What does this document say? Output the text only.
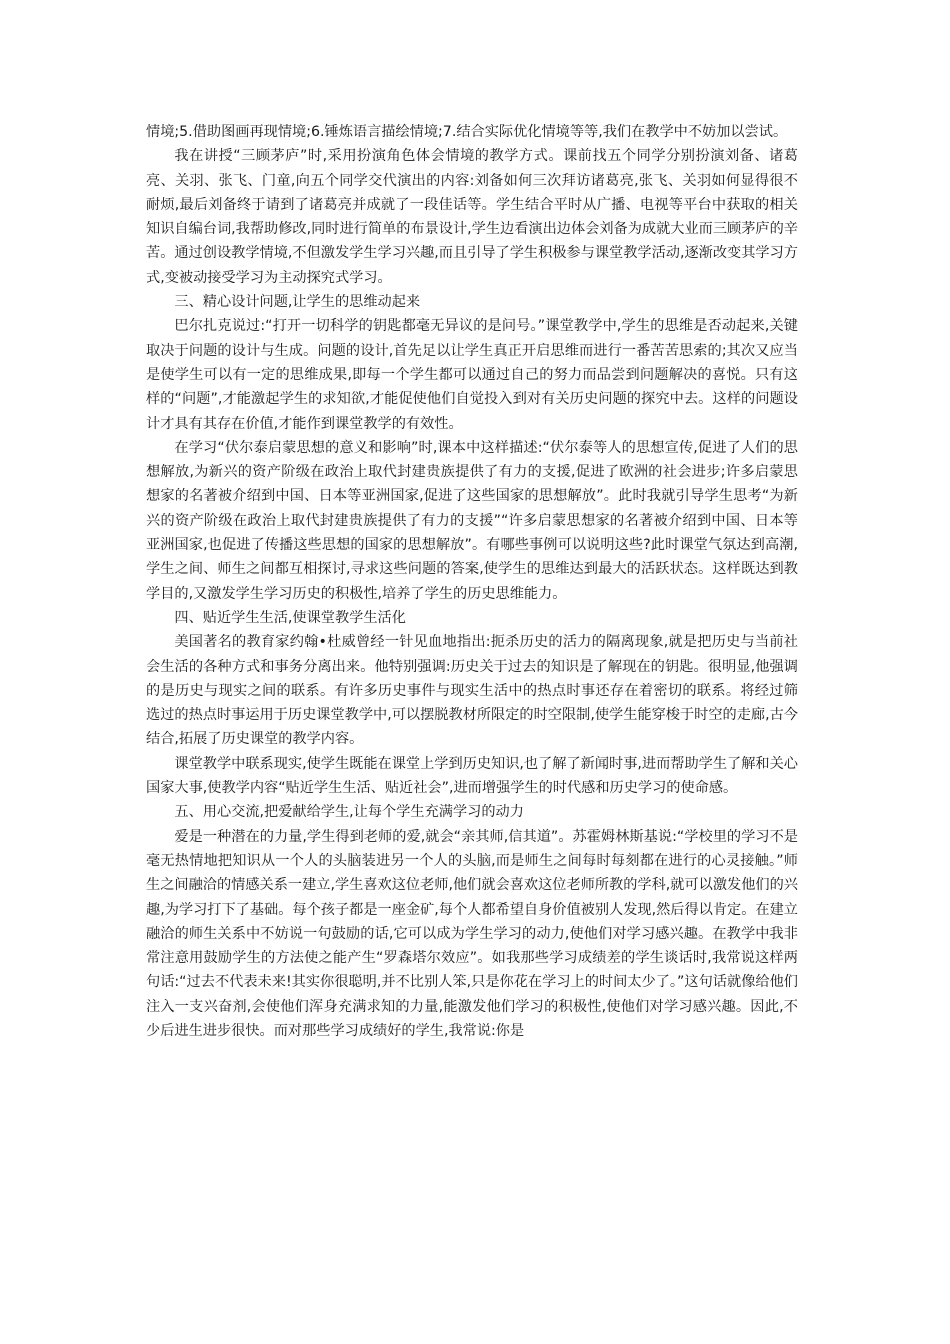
情境;5.借助图画再现情境;6.锤炼语言描绘情境;7.结合实际优化情境等等,我们在教学中不妨加以尝试。

我在讲授“三顾茅庐”时,采用扮演角色体会情境的教学方式。课前找五个同学分别扮演刘备、诸葛亮、关羽、张飞、门童,向五个同学交代演出的内容:刘备如何三次拜访诸葛亮,张飞、关羽如何显得很不耐烦,最后刘备终于请到了诸葛亮并成就了一段佳话等。学生结合平时从广播、电视等平台中获取的相关知识自编台词,我帮助修改,同时进行简单的布景设计,学生边看演出边体会刘备为成就大业而三顾茅庐的辛苦。通过创设教学情境,不但激发学生学习兴趣,而且引导了学生积极参与课堂教学活动,逐渐改变其学习方式,变被动接受学习为主动探究式学习。

三、精心设计问题,让学生的思维动起来

巴尔扎克说过:“打开一切科学的钥匙都毫无异议的是问号。”课堂教学中,学生的思维是否动起来,关键取决于问题的设计与生成。问题的设计,首先足以让学生真正开启思维而进行一番苦苦思索的;其次又应当是使学生可以有一定的思维成果,即每一个学生都可以通过自己的努力而品尝到问题解决的喜悦。只有这样的“问题”,才能激起学生的求知欲,才能促使他们自觉投入到对有关历史问题的探究中去。这样的问题设计才具有其存在价值,才能作到课堂教学的有效性。

在学习“伏尔泰启蒙思想的意义和影响”时,课本中这样描述:“伏尔泰等人的思想宣传,促进了人们的思想解放,为新兴的资产阶级在政治上取代封建贵族提供了有力的支援,促进了欧洲的社会进步;许多启蒙思想家的名著被介绍到中国、日本等亚洲国家,促进了这些国家的思想解放”。此时我就引导学生思考“为新兴的资产阶级在政治上取代封建贵族提供了有力的支援”“许多启蒙思想家的名著被介绍到中国、日本等亚洲国家,也促进了传播这些思想的国家的思想解放”。有哪些事例可以说明这些?此时课堂气氛达到高潮,学生之间、师生之间都互相探讨,寻求这些问题的答案,使学生的思维达到最大的活跃状态。这样既达到教学目的,又激发学生学习历史的积极性,培养了学生的历史思维能力。

四、贴近学生生活,使课堂教学生活化

美国著名的教育家约翰•杜威曾经一针见血地指出:扼杀历史的活力的隔离现象,就是把历史与当前社会生活的各种方式和事务分离出来。他特别强调:历史关于过去的知识是了解现在的钥匙。很明显,他强调的是历史与现实之间的联系。有许多历史事件与现实生活中的热点时事还存在着密切的联系。将经过筛选过的热点时事运用于历史课堂教学中,可以摆脱教材所限定的时空限制,使学生能穿梭于时空的走廊,古今结合,拓展了历史课堂的教学内容。

课堂教学中联系现实,使学生既能在课堂上学到历史知识,也了解了新闻时事,进而帮助学生了解和关心国家大事,使教学内容“贴近学生生活、贴近社会”,进而增强学生的时代感和历史学习的使命感。

五、用心交流,把爱献给学生,让每个学生充满学习的动力

爱是一种潜在的力量,学生得到老师的爱,就会“亲其师,信其道”。苏霍姆林斯基说:“学校里的学习不是毫无热情地把知识从一个人的头脑装进另一个人的头脑,而是师生之间每时每刻都在进行的心灵接触。”师生之间融洽的情感关系一建立,学生喜欢这位老师,他们就会喜欢这位老师所教的学科,就可以激发他们的兴趣,为学习打下了基础。每个孩子都是一座金矿,每个人都希望自身价值被别人发现,然后得以肯定。在建立融洽的师生关系中不妨说一句鼓励的话,它可以成为学生学习的动力,使他们对学习感兴趣。在教学中我非常注意用鼓励学生的方法使之能产生“罗森塔尔效应”。如我那些学习成绩差的学生谈话时,我常说这样两句话:“过去不代表未来!其实你很聪明,并不比别人笨,只是你花在学习上的时间太少了。”这句话就像给他们注入一支兴奋剂,会使他们浑身充满求知的力量,能激发他们学习的积极性,使他们对学习感兴趣。因此,不少后进生进步很快。而对那些学习成绩好的学生,我常说:你是
